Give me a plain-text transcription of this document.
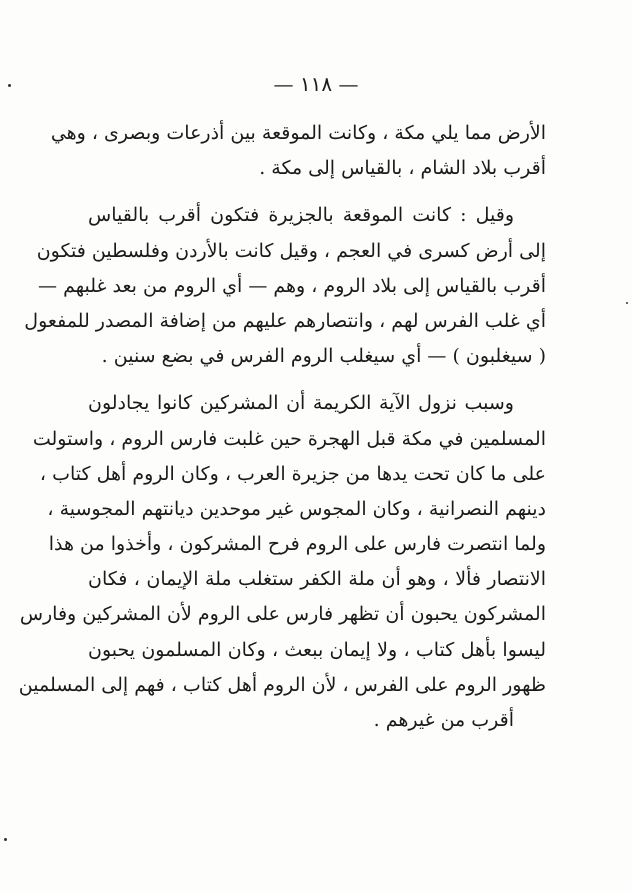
— ١١٨ —
الأرض مما يلي مكة ، وكانت الموقعة بين أذرعات وبصرى ، وهي
أقرب بلاد الشام ، بالقياس إلى مكة .
وقيل : كانت الموقعة بالجزيرة فتكون أقرب بالقياس
إلى أرض كسرى في العجم ، وقيل كانت بالأردن وفلسطين فتكون
أقرب بالقياس إلى بلاد الروم ، وهم — أي الروم من بعد غلبهم —
أي غلب الفرس لهم ، وانتصارهم عليهم من إضافة المصدر للمفعول
( سيغلبون ) — أي سيغلب الروم الفرس في بضع سنين .
وسبب نزول الآية الكريمة أن المشركين كانوا يجادلون
المسلمين في مكة قبل الهجرة حين غلبت فارس الروم ، واستولت
على ما كان تحت يدها من جزيرة العرب ، وكان الروم أهل كتاب ،
دينهم النصرانية ، وكان المجوس غير موحدين ديانتهم المجوسية ،
ولما انتصرت فارس على الروم فرح المشركون ، وأخذوا من هذا
الانتصار فألا ، وهو أن ملة الكفر ستغلب ملة الإيمان ، فكان
المشركون يحبون أن تظهر فارس على الروم لأن المشركين وفارس
ليسوا بأهل كتاب ، ولا إيمان ببعث ، وكان المسلمون يحبون
ظهور الروم على الفرس ، لأن الروم أهل كتاب ، فهم إلى المسلمين
أقرب من غيرهم .
